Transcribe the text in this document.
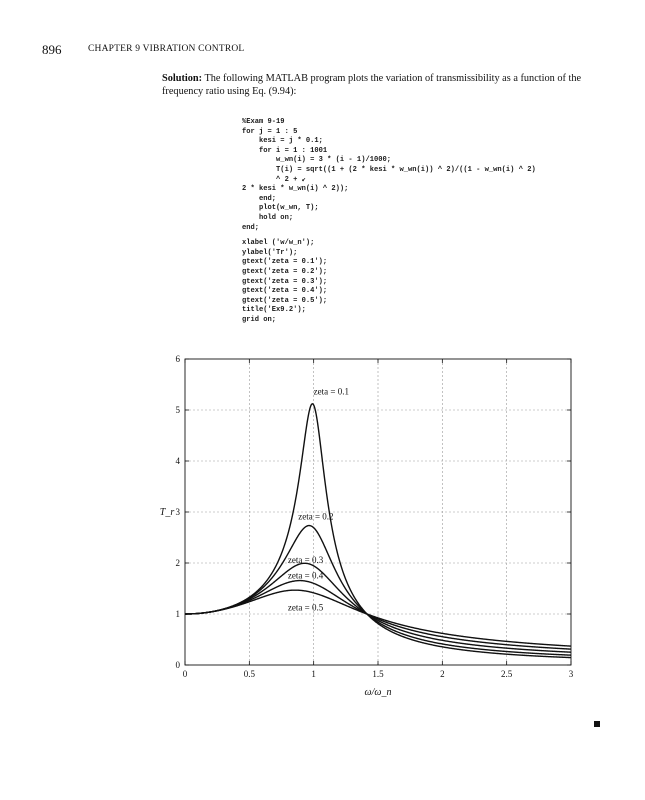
896	CHAPTER 9 VIBRATION CONTROL
Solution: The following MATLAB program plots the variation of transmissibility as a function of the frequency ratio using Eq. (9.94):
%Exam 9-19
for j = 1 : 5
kesi = j * 0.1;
for i = 1 : 1001
w_wn(i) = 3 * (i - 1)/1000;
T(i) = sqrt((1 + (2 * kesi * w_wn(i)) ^ 2)/((1 - w_wn(i) ^ 2)
^ 2 + ↙
2 * kesi * w_wn(i) ^ 2));
end;
plot(w_wn, T);
hold on;
end;
xlabel ('w/w_n');
ylabel('Tr');
gtext('zeta = 0.1');
gtext('zeta = 0.2');
gtext('zeta = 0.3');
gtext('zeta = 0.4');
gtext('zeta = 0.5');
title('Ex9.2');
grid on;
zeta = 0.1
zeta = 0.2
zeta = 0.3
zeta = 0.4
zeta = 0.5
0	0.5	1	1.5	2	2.5	3
0
1
2
3
4
5
6
ω/ω_n
T_r
